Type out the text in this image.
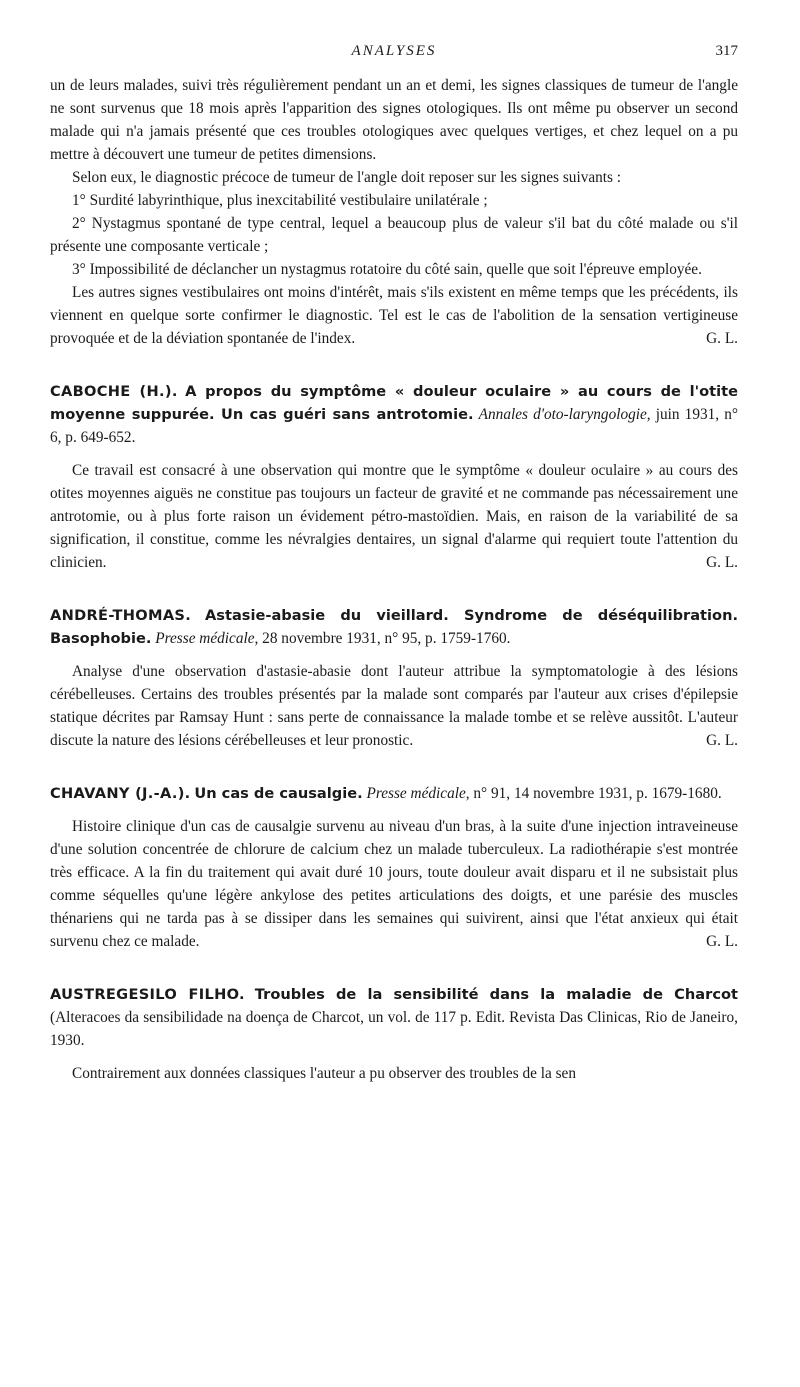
ANALYSES	317

un de leurs malades, suivi très régulièrement pendant un an et demi, les signes classiques de tumeur de l'angle ne sont survenus que 18 mois après l'apparition des signes otologiques. Ils ont même pu observer un second malade qui n'a jamais présenté que ces troubles otologiques avec quelques vertiges, et chez lequel on a pu mettre à découvert une tumeur de petites dimensions.

Selon eux, le diagnostic précoce de tumeur de l'angle doit reposer sur les signes suivants :

1° Surdité labyrinthique, plus inexcitabilité vestibulaire unilatérale ;

2° Nystagmus spontané de type central, lequel a beaucoup plus de valeur s'il bat du côté malade ou s'il présente une composante verticale ;

3° Impossibilité de déclancher un nystagmus rotatoire du côté sain, quelle que soit l'épreuve employée.

Les autres signes vestibulaires ont moins d'intérêt, mais s'ils existent en même temps que les précédents, ils viennent en quelque sorte confirmer le diagnostic. Tel est le cas de l'abolition de la sensation vertigineuse provoquée et de la déviation spontanée de l'index.	G. L.

CABOCHE (H.). A propos du symptôme « douleur oculaire » au cours de l'otite moyenne suppurée. Un cas guéri sans antrotomie. Annales d'oto-laryngologie, juin 1931, n° 6, p. 649-652.

Ce travail est consacré à une observation qui montre que le symptôme « douleur oculaire » au cours des otites moyennes aiguës ne constitue pas toujours un facteur de gravité et ne commande pas nécessairement une antrotomie, ou à plus forte raison un évidement pétro-mastoïdien. Mais, en raison de la variabilité de sa signification, il constitue, comme les névralgies dentaires, un signal d'alarme qui requiert toute l'attention du clinicien.	G. L.

ANDRÉ-THOMAS. Astasie-abasie du vieillard. Syndrome de déséquilibration. Basophobie. Presse médicale, 28 novembre 1931, n° 95, p. 1759-1760.

Analyse d'une observation d'astasie-abasie dont l'auteur attribue la symptomatologie à des lésions cérébelleuses. Certains des troubles présentés par la malade sont comparés par l'auteur aux crises d'épilepsie statique décrites par Ramsay Hunt : sans perte de connaissance la malade tombe et se relève aussitôt. L'auteur discute la nature des lésions cérébelleuses et leur pronostic.	G. L.

CHAVANY (J.-A.). Un cas de causalgie. Presse médicale, n° 91, 14 novembre 1931, p. 1679-1680.

Histoire clinique d'un cas de causalgie survenu au niveau d'un bras, à la suite d'une injection intraveineuse d'une solution concentrée de chlorure de calcium chez un malade tuberculeux. La radiothérapie s'est montrée très efficace. A la fin du traitement qui avait duré 10 jours, toute douleur avait disparu et il ne subsistait plus comme séquelles qu'une légère ankylose des petites articulations des doigts, et une parésie des muscles thénariens qui ne tarda pas à se dissiper dans les semaines qui suivirent, ainsi que l'état anxieux qui était survenu chez ce malade.	G. L.

AUSTREGESILO FILHO. Troubles de la sensibilité dans la maladie de Charcot (Alteracoes da sensibilidade na doença de Charcot, un vol. de 117 p. Edit. Revista Das Clinicas, Rio de Janeiro, 1930.

Contrairement aux données classiques l'auteur a pu observer des troubles de la sen
